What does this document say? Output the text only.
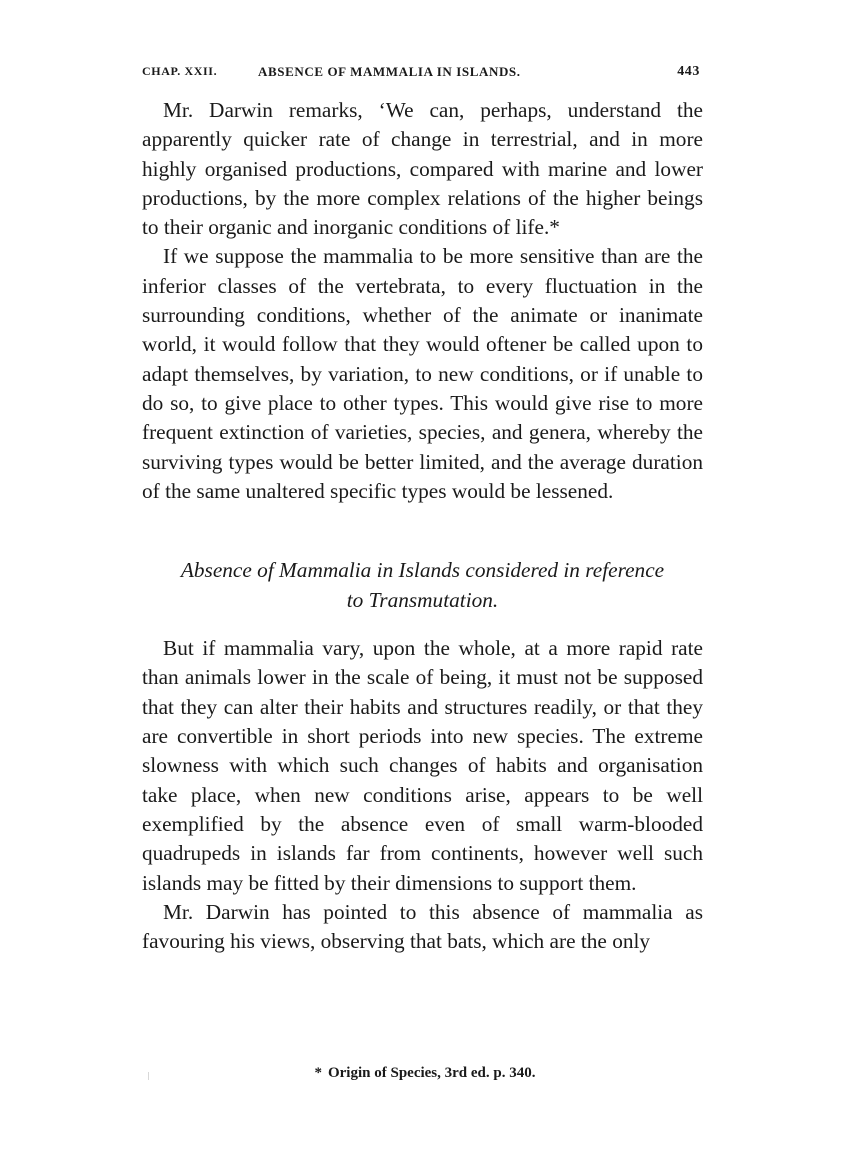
CHAP. XXII.	ABSENCE OF MAMMALIA IN ISLANDS.	443

Mr. Darwin remarks, ‘We can, perhaps, understand the apparently quicker rate of change in terrestrial, and in more highly organised productions, compared with marine and lower productions, by the more complex relations of the higher beings to their organic and inorganic conditions of life.*

If we suppose the mammalia to be more sensitive than are the inferior classes of the vertebrata, to every fluctuation in the surrounding conditions, whether of the animate or inanimate world, it would follow that they would oftener be called upon to adapt themselves, by variation, to new conditions, or if unable to do so, to give place to other types. This would give rise to more frequent extinction of varieties, species, and genera, whereby the surviving types would be better limited, and the average duration of the same unaltered specific types would be lessened.

Absence of Mammalia in Islands considered in reference
to Transmutation.

But if mammalia vary, upon the whole, at a more rapid rate than animals lower in the scale of being, it must not be supposed that they can alter their habits and structures readily, or that they are convertible in short periods into new species. The extreme slowness with which such changes of habits and organisation take place, when new conditions arise, appears to be well exemplified by the absence even of small warm-blooded quadrupeds in islands far from continents, however well such islands may be fitted by their dimensions to support them.

Mr. Darwin has pointed to this absence of mammalia as favouring his views, observing that bats, which are the only

* Origin of Species, 3rd ed. p. 340.
